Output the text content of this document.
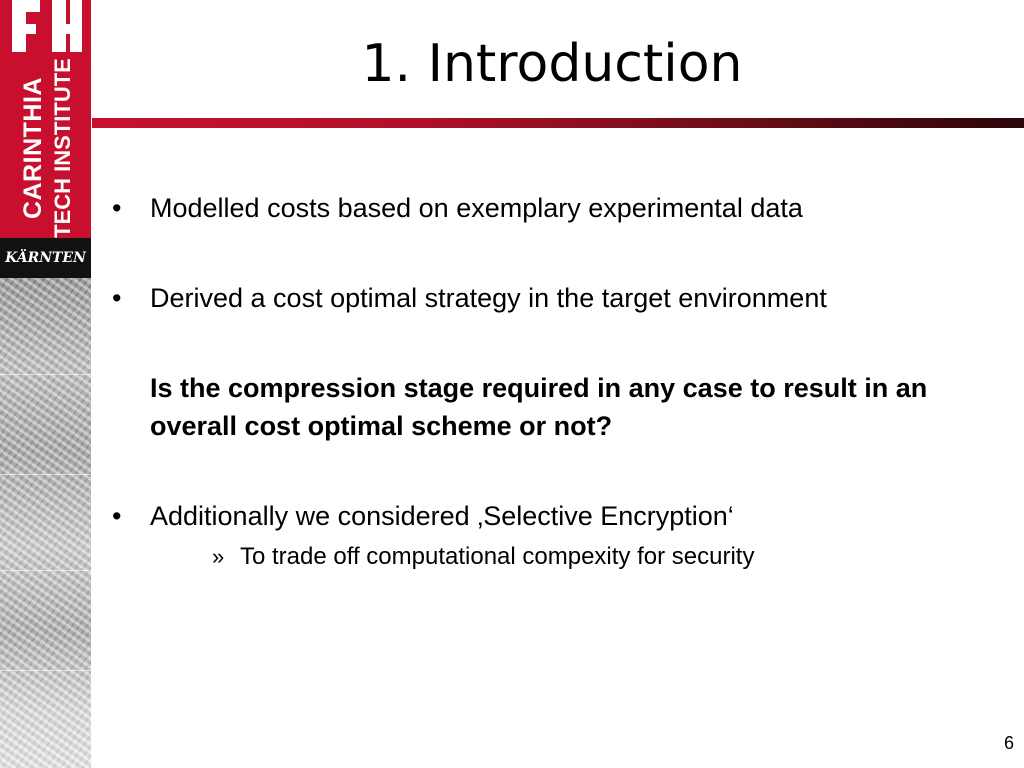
CARINTHIA TECH INSTITUTE
KÄRNTEN
1. Introduction
•	Modelled costs based on exemplary experimental data
•	Derived a cost optimal strategy in the target environment

Is the compression stage required in any case to result in an overall cost optimal scheme or not?

•	Additionally we considered ‚Selective Encryption‘
» To trade off computational compexity for security
6
